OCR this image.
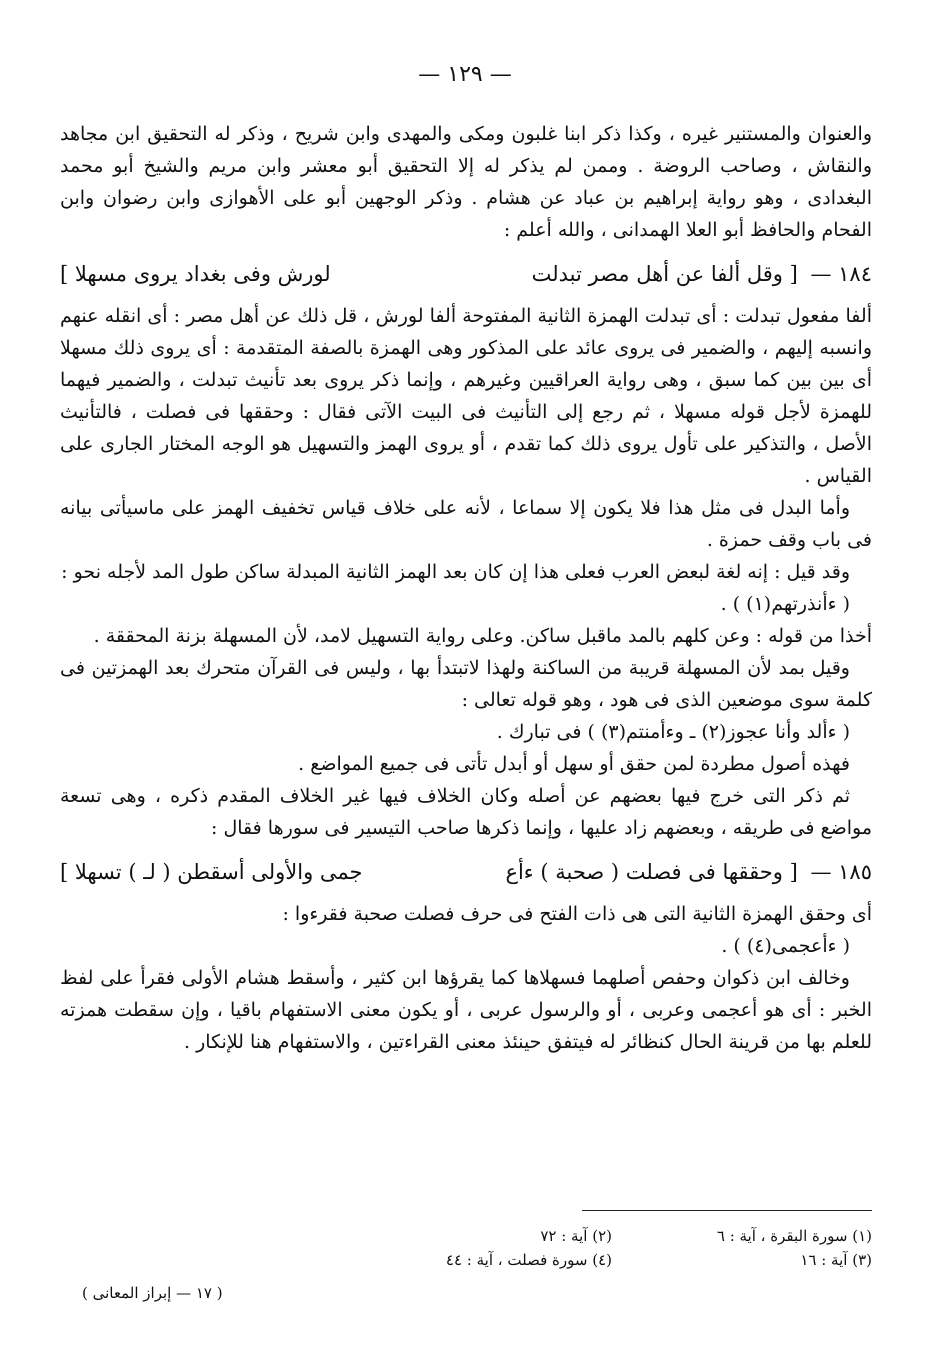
— ١٢٩ —

والعنوان والمستنير غيره ، وكذا ذكر ابنا غلبون ومكى والمهدى وابن شريح ، وذكر له التحقيق ابن مجاهد والنقاش ، وصاحب الروضة . وممن لم يذكر له إلا التحقيق أبو معشر وابن مريم والشيخ أبو محمد البغدادى ، وهو رواية إبراهيم بن عباد عن هشام . وذكر الوجهين أبو على الأهوازى وابن رضوان وابن الفحام والحافظ أبو العلا الهمدانى ، والله أعلم :

١٨٤ — [ وقل ألفا عن أهل مصر تبدلت
لورش وفى بغداد يروى مسهلا ]

ألفا مفعول تبدلت : أى تبدلت الهمزة الثانية المفتوحة ألفا لورش ، قل ذلك عن أهل مصر : أى انقله عنهم وانسبه إليهم ، والضمير فى يروى عائد على المذكور وهى الهمزة بالصفة المتقدمة : أى يروى ذلك مسهلا أى بين بين كما سبق ، وهى رواية العراقيين وغيرهم ، وإنما ذكر يروى بعد تأنيث تبدلت ، والضمير فيهما للهمزة لأجل قوله مسهلا ، ثم رجع إلى التأنيث فى البيت الآتى فقال : وحققها فى فصلت ، فالتأنيث الأصل ، والتذكير على تأول يروى ذلك كما تقدم ، أو يروى الهمز والتسهيل هو الوجه المختار الجارى على القياس .

وأما البدل فى مثل هذا فلا يكون إلا سماعا ، لأنه على خلاف قياس تخفيف الهمز على ماسيأتى بيانه فى باب وقف حمزة .

وقد قيل : إنه لغة لبعض العرب فعلى هذا إن كان بعد الهمز الثانية المبدلة ساكن طول المد لأجله نحو :

( ءأنذرتهم(١) ) .

أخذا من قوله : وعن كلهم بالمد ماقبل ساكن. وعلى رواية التسهيل لامد، لأن المسهلة بزنة المحققة .

وقيل بمد لأن المسهلة قريبة من الساكنة ولهذا لاتبتدأ بها ، وليس فى القرآن متحرك بعد الهمزتين فى كلمة سوى موضعين الذى فى هود ، وهو قوله تعالى :

( ءألد وأنا عجوز(٢) ـ وءأمنتم(٣) ) فى تبارك .

فهذه أصول مطردة لمن حقق أو سهل أو أبدل تأتى فى جميع المواضع .

ثم ذكر التى خرج فيها بعضهم عن أصله وكان الخلاف فيها غير الخلاف المقدم ذكره ، وهى تسعة مواضع فى طريقه ، وبعضهم زاد عليها ، وإنما ذكرها صاحب التيسير فى سورها فقال :

١٨٥ — [ وحققها فى فصلت ( صحبة ) ءأع
جمى والأولى أسقطن ( لـ ) تسهلا ]

أى وحقق الهمزة الثانية التى هى ذات الفتح فى حرف فصلت صحبة فقرءوا :

( ءأعجمى(٤) ) .

وخالف ابن ذكوان وحفص أصلهما فسهلاها كما يقرؤها ابن كثير ، وأسقط هشام الأولى فقرأ على لفظ الخبر : أى هو أعجمى وعربى ، أو والرسول عربى ، أو يكون معنى الاستفهام باقيا ، وإن سقطت همزته للعلم بها من قرينة الحال كنظائر له فيتفق حينئذ معنى القراءتين ، والاستفهام هنا للإنكار .

(١) سورة البقرة ، آية : ٦
(٢) آية : ٧٢
(٣) آية : ١٦
(٤) سورة فصلت ، آية : ٤٤
( ١٧ — إبراز المعانى )
